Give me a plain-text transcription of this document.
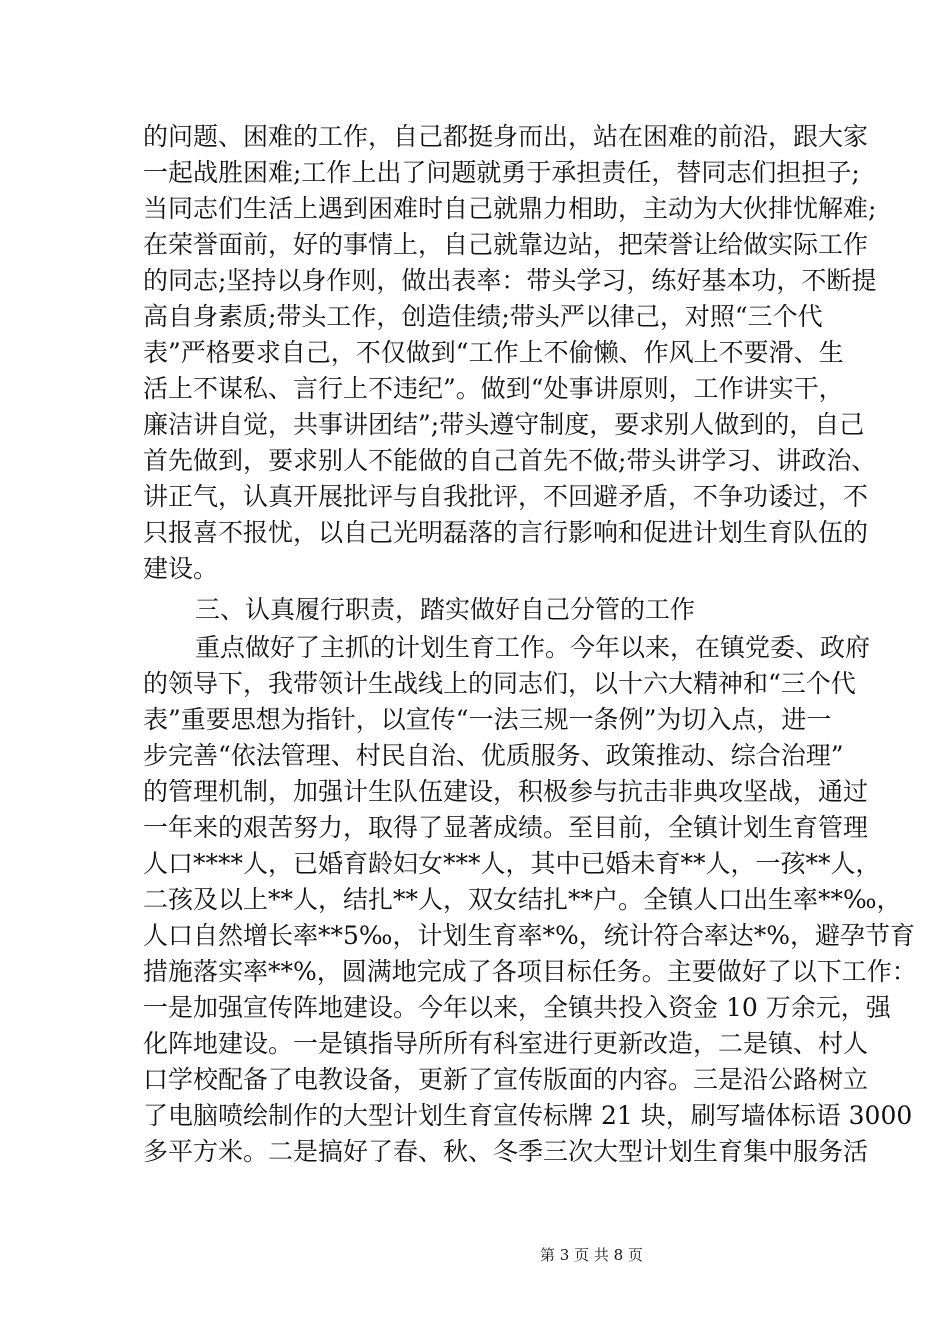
的问题、困难的工作，自己都挺身而出，站在困难的前沿，跟大家
一起战胜困难;工作上出了问题就勇于承担责任，替同志们担担子;
当同志们生活上遇到困难时自己就鼎力相助，主动为大伙排忧解难;
在荣誉面前，好的事情上，自己就靠边站，把荣誉让给做实际工作
的同志;坚持以身作则，做出表率：带头学习，练好基本功，不断提
高自身素质;带头工作，创造佳绩;带头严以律己，对照“三个代
表”严格要求自己，不仅做到“工作上不偷懒、作风上不要滑、生
活上不谋私、言行上不违纪”。做到“处事讲原则，工作讲实干，
廉洁讲自觉，共事讲团结”;带头遵守制度，要求别人做到的，自己
首先做到，要求别人不能做的自己首先不做;带头讲学习、讲政治、
讲正气，认真开展批评与自我批评，不回避矛盾，不争功诿过，不
只报喜不报忧，以自己光明磊落的言行影响和促进计划生育队伍的
建设。
三、认真履行职责，踏实做好自己分管的工作
重点做好了主抓的计划生育工作。今年以来，在镇党委、政府
的领导下，我带领计生战线上的同志们，以十六大精神和“三个代
表”重要思想为指针，以宣传“一法三规一条例”为切入点，进一
步完善“依法管理、村民自治、优质服务、政策推动、综合治理”
的管理机制，加强计生队伍建设，积极参与抗击非典攻坚战，通过
一年来的艰苦努力，取得了显著成绩。至目前，全镇计划生育管理
人口****人，已婚育龄妇女***人，其中已婚未育**人，一孩**人，
二孩及以上**人，结扎**人，双女结扎**户。全镇人口出生率**‰，
人口自然增长率**5‰，计划生育率*%，统计符合率达*%，避孕节育
措施落实率**%，圆满地完成了各项目标任务。主要做好了以下工作：
一是加强宣传阵地建设。今年以来，全镇共投入资金 10 万余元，强
化阵地建设。一是镇指导所所有科室进行更新改造，二是镇、村人
口学校配备了电教设备，更新了宣传版面的内容。三是沿公路树立
了电脑喷绘制作的大型计划生育宣传标牌 21 块，刷写墙体标语 3000
多平方米。二是搞好了春、秋、冬季三次大型计划生育集中服务活
第 3 页 共 8 页
